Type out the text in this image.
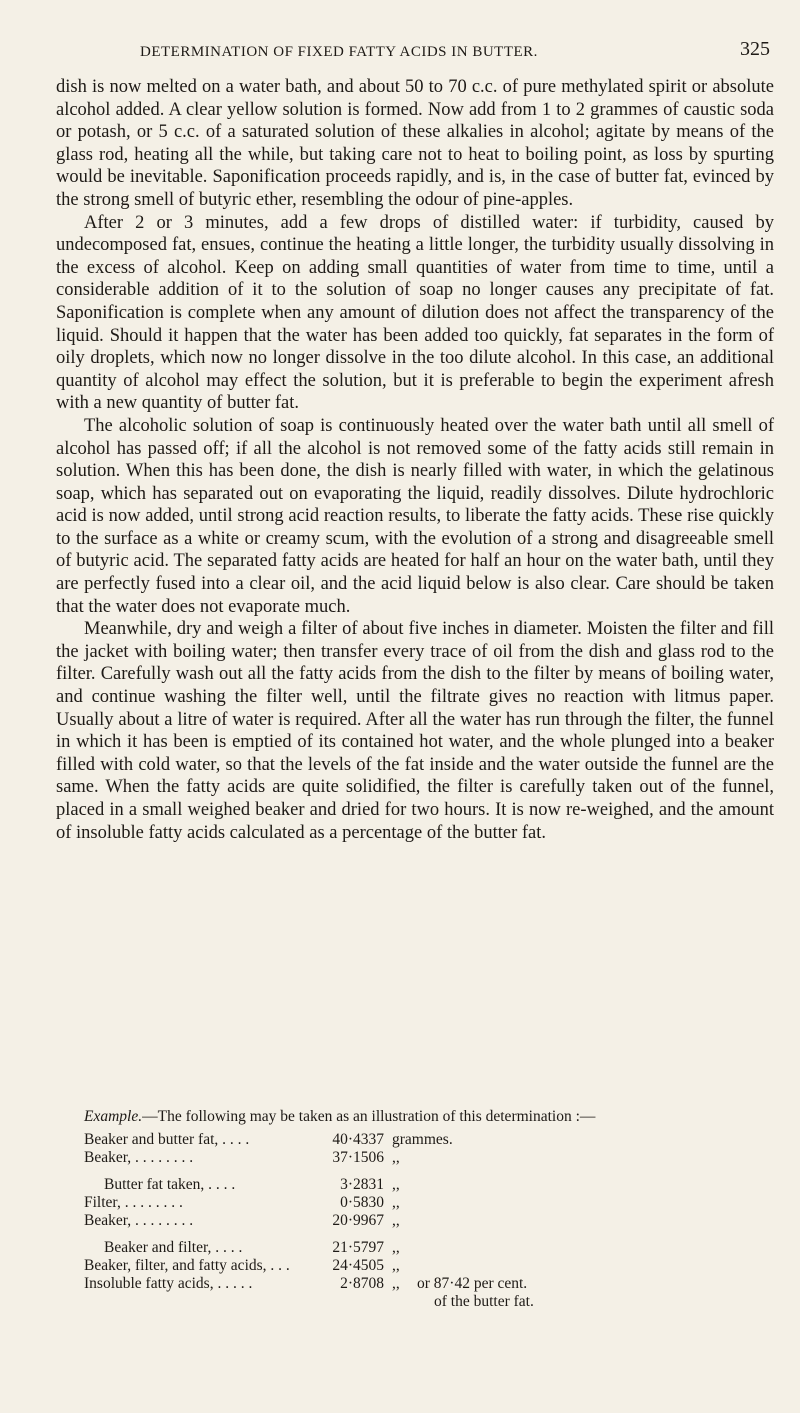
DETERMINATION OF FIXED FATTY ACIDS IN BUTTER.	325

dish is now melted on a water bath, and about 50 to 70 c.c. of pure methylated spirit or absolute alcohol added. A clear yellow solution is formed. Now add from 1 to 2 grammes of caustic soda or potash, or 5 c.c. of a saturated solution of these alkalies in alcohol; agitate by means of the glass rod, heating all the while, but taking care not to heat to boiling point, as loss by spurting would be inevitable. Saponification proceeds rapidly, and is, in the case of butter fat, evinced by the strong smell of butyric ether, resembling the odour of pine-apples.

After 2 or 3 minutes, add a few drops of distilled water: if turbidity, caused by undecomposed fat, ensues, continue the heating a little longer, the turbidity usually dissolving in the excess of alcohol. Keep on adding small quantities of water from time to time, until a considerable addition of it to the solution of soap no longer causes any precipitate of fat. Saponification is complete when any amount of dilution does not affect the transparency of the liquid. Should it happen that the water has been added too quickly, fat separates in the form of oily droplets, which now no longer dissolve in the too dilute alcohol. In this case, an additional quantity of alcohol may effect the solution, but it is preferable to begin the experiment afresh with a new quantity of butter fat.

The alcoholic solution of soap is continuously heated over the water bath until all smell of alcohol has passed off; if all the alcohol is not removed some of the fatty acids still remain in solution. When this has been done, the dish is nearly filled with water, in which the gelatinous soap, which has separated out on evaporating the liquid, readily dissolves. Dilute hydrochloric acid is now added, until strong acid reaction results, to liberate the fatty acids. These rise quickly to the surface as a white or creamy scum, with the evolution of a strong and disagreeable smell of butyric acid. The separated fatty acids are heated for half an hour on the water bath, until they are perfectly fused into a clear oil, and the acid liquid below is also clear. Care should be taken that the water does not evaporate much.

Meanwhile, dry and weigh a filter of about five inches in diameter. Moisten the filter and fill the jacket with boiling water; then transfer every trace of oil from the dish and glass rod to the filter. Carefully wash out all the fatty acids from the dish to the filter by means of boiling water, and continue washing the filter well, until the filtrate gives no reaction with litmus paper. Usually about a litre of water is required. After all the water has run through the filter, the funnel in which it has been is emptied of its contained hot water, and the whole plunged into a beaker filled with cold water, so that the levels of the fat inside and the water outside the funnel are the same. When the fatty acids are quite solidified, the filter is carefully taken out of the funnel, placed in a small weighed beaker and dried for two hours. It is now re-weighed, and the amount of insoluble fatty acids calculated as a percentage of the butter fat.

Example.—The following may be taken as an illustration of this determination :—

Beaker and butter fat, . . . .	40·4337 grammes.
Beaker, . . . . . . . .	37·1506 ,,
Butter fat taken, . . . .	3·2831 ,,
Filter, . . . . . . . .	0·5830 ,,
Beaker, . . . . . . . .	20·9967 ,,
Beaker and filter, . . . .	21·5797 ,,
Beaker, filter, and fatty acids, . . .	24·4505 ,,
Insoluble fatty acids, . . . . .	2·8708 ,, or 87·42 per cent.
of the butter fat.
